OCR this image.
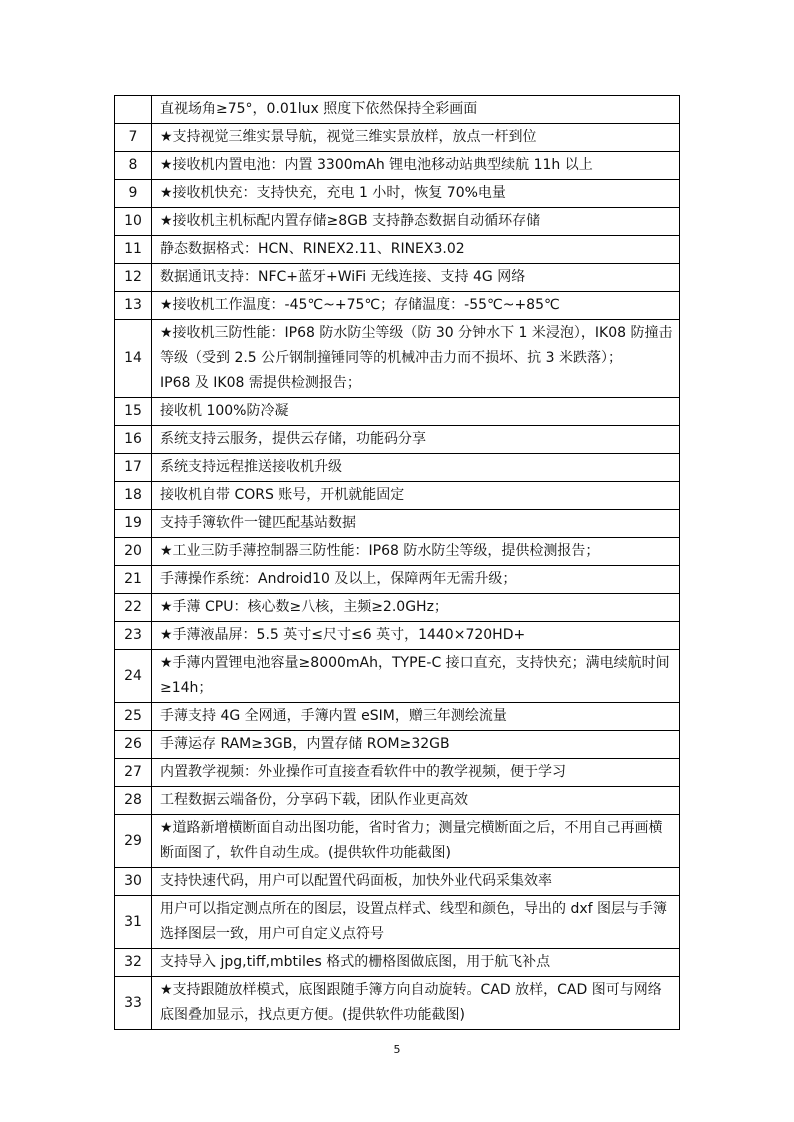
	直视场角≥75°，0.01lux 照度下依然保持全彩画面
7	★支持视觉三维实景导航，视觉三维实景放样，放点一杆到位
8	★接收机内置电池：内置 3300mAh 锂电池移动站典型续航 11h 以上
9	★接收机快充：支持快充，充电 1 小时，恢复 70%电量
10	★接收机主机标配内置存储≥8GB 支持静态数据自动循环存储
11	静态数据格式：HCN、RINEX2.11、RINEX3.02
12	数据通讯支持：NFC+蓝牙+WiFi 无线连接、支持 4G 网络
13	★接收机工作温度：-45℃~+75℃；存储温度：-55℃~+85℃
14	★接收机三防性能：IP68 防水防尘等级（防 30 分钟水下 1 米浸泡），IK08 防撞击等级（受到 2.5 公斤钢制撞锤同等的机械冲击力而不损坏、抗 3 米跌落）；
IP68 及 IK08 需提供检测报告；
15	接收机 100%防冷凝
16	系统支持云服务，提供云存储，功能码分享
17	系统支持远程推送接收机升级
18	接收机自带 CORS 账号，开机就能固定
19	支持手簿软件一键匹配基站数据
20	★工业三防手薄控制器三防性能：IP68 防水防尘等级，提供检测报告；
21	手薄操作系统：Android10 及以上，保障两年无需升级；
22	★手薄 CPU：核心数≥八核，主频≥2.0GHz；
23	★手薄液晶屏：5.5 英寸≤尺寸≤6 英寸，1440×720HD+
24	★手薄内置锂电池容量≥8000mAh，TYPE-C 接口直充，支持快充；满电续航时间≥14h；
25	手薄支持 4G 全网通，手簿内置 eSIM，赠三年测绘流量
26	手薄运存 RAM≥3GB，内置存储 ROM≥32GB
27	内置教学视频：外业操作可直接查看软件中的教学视频，便于学习
28	工程数据云端备份，分享码下载，团队作业更高效
29	★道路新增横断面自动出图功能，省时省力；测量完横断面之后，不用自己再画横断面图了，软件自动生成。(提供软件功能截图)
30	支持快速代码，用户可以配置代码面板，加快外业代码采集效率
31	用户可以指定测点所在的图层，设置点样式、线型和颜色，导出的 dxf 图层与手簿选择图层一致，用户可自定义点符号
32	支持导入 jpg,tiff,mbtiles 格式的栅格图做底图，用于航飞补点
33	★支持跟随放样模式，底图跟随手簿方向自动旋转。CAD 放样，CAD 图可与网络底图叠加显示，找点更方便。(提供软件功能截图)
5
